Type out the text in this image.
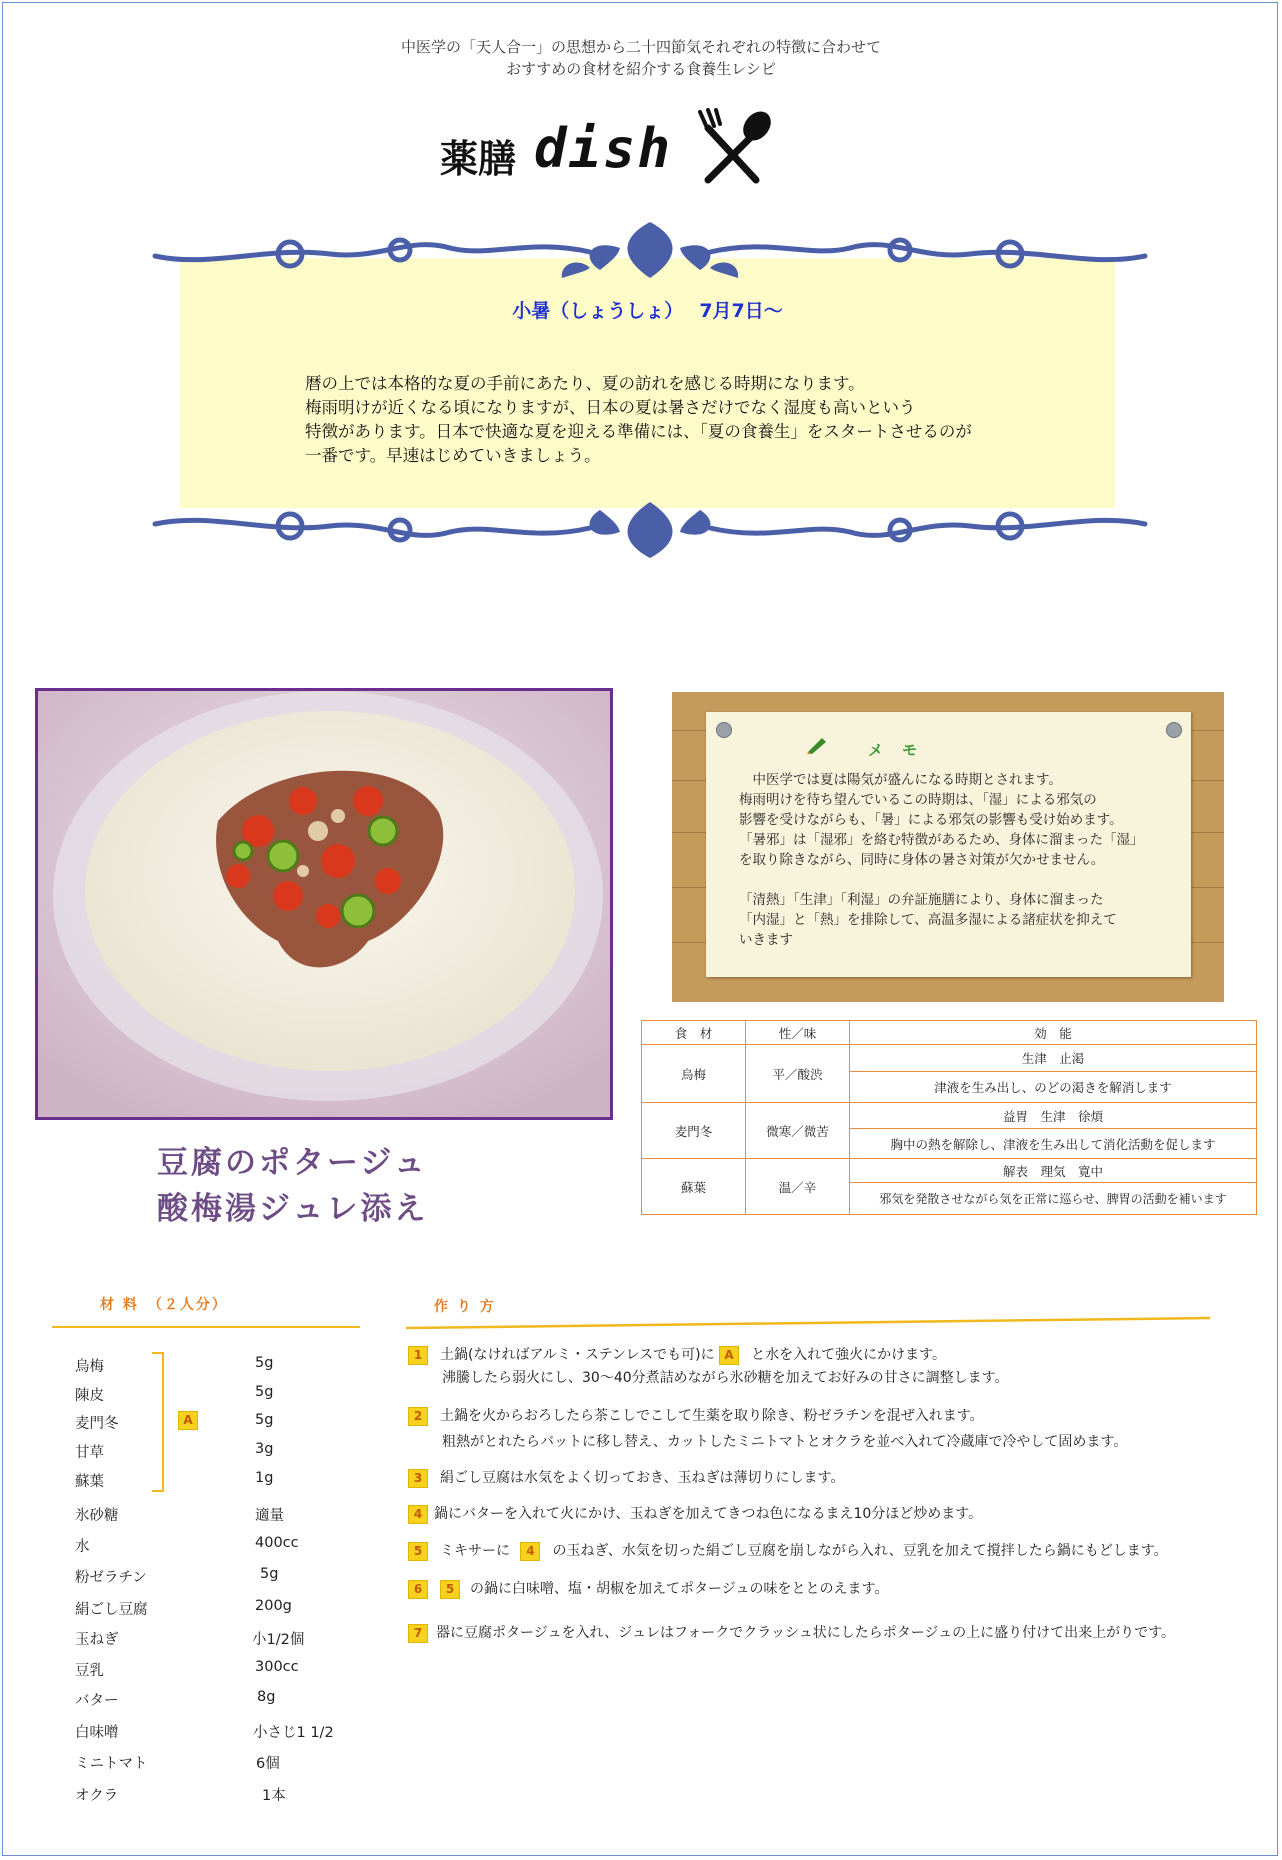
中医学の「天人合一」の思想から二十四節気それぞれの特徴に合わせて
おすすめの食材を紹介する食養生レシピ
薬膳 dish
小暑（しょうしょ）　 7月7日～
暦の上では本格的な夏の手前にあたり、夏の訪れを感じる時期になります。
梅雨明けが近くなる頃になりますが、日本の夏は暑さだけでなく湿度も高いという
特徴があります。日本で快適な夏を迎える準備には、「夏の食養生」をスタートさせるのが
一番です。早速はじめていきましょう。
豆腐のポタージュ
酸梅湯ジュレ添え
メ　モ
　中医学では夏は陽気が盛んになる時期とされます。
梅雨明けを待ち望んでいるこの時期は、「湿」による邪気の
影響を受けながらも、「暑」による邪気の影響も受け始めます。
「暑邪」は「湿邪」を絡む特徴があるため、身体に溜まった「湿」
を取り除きながら、同時に身体の暑さ対策が欠かせません。
「清熱」「生津」「利湿」の弁証施膳により、身体に溜まった
「内湿」と「熱」を排除して、高温多湿による諸症状を抑えて
いきます
食　材	性／味	効　能
烏梅	平／酸渋	生津　止渇
		津液を生み出し、のどの渇きを解消します
麦門冬	微寒／微苦	益胃　生津　徐煩
		胸中の熱を解除し、津液を生み出して消化活動を促します
蘇葉	温／辛	解表　理気　寛中
		邪気を発散させながら気を正常に巡らせ、脾胃の活動を補います
材 料　（２人分）
A
烏梅	5g
陳皮	5g
麦門冬	5g
甘草	3g
蘇葉	1g
氷砂糖	適量
水	400cc
粉ゼラチン	5g
絹ごし豆腐	200g
玉ねぎ	小1/2個
豆乳	300cc
バター	8g
白味噌	小さじ1 1/2
ミニトマト	6個
オクラ	1本
作 り 方
1 土鍋(なければアルミ・ステンレスでも可)に A と水を入れて強火にかけます。
沸騰したら弱火にし、30～40分煮詰めながら氷砂糖を加えてお好みの甘さに調整します。
2 土鍋を火からおろしたら茶こしでこして生薬を取り除き、粉ゼラチンを混ぜ入れます。
粗熱がとれたらバットに移し替え、カットしたミニトマトとオクラを並べ入れて冷蔵庫で冷やして固めます。
3 絹ごし豆腐は水気をよく切っておき、玉ねぎは薄切りにします。
4 鍋にバターを入れて火にかけ、玉ねぎを加えてきつね色になるまえ10分ほど炒めます。
5 ミキサーに 4 の玉ねぎ、水気を切った絹ごし豆腐を崩しながら入れ、豆乳を加えて撹拌したら鍋にもどします。
6 5 の鍋に白味噌、塩・胡椒を加えてポタージュの味をととのえます。
7 器に豆腐ポタージュを入れ、ジュレはフォークでクラッシュ状にしたらポタージュの上に盛り付けて出来上がりです。
